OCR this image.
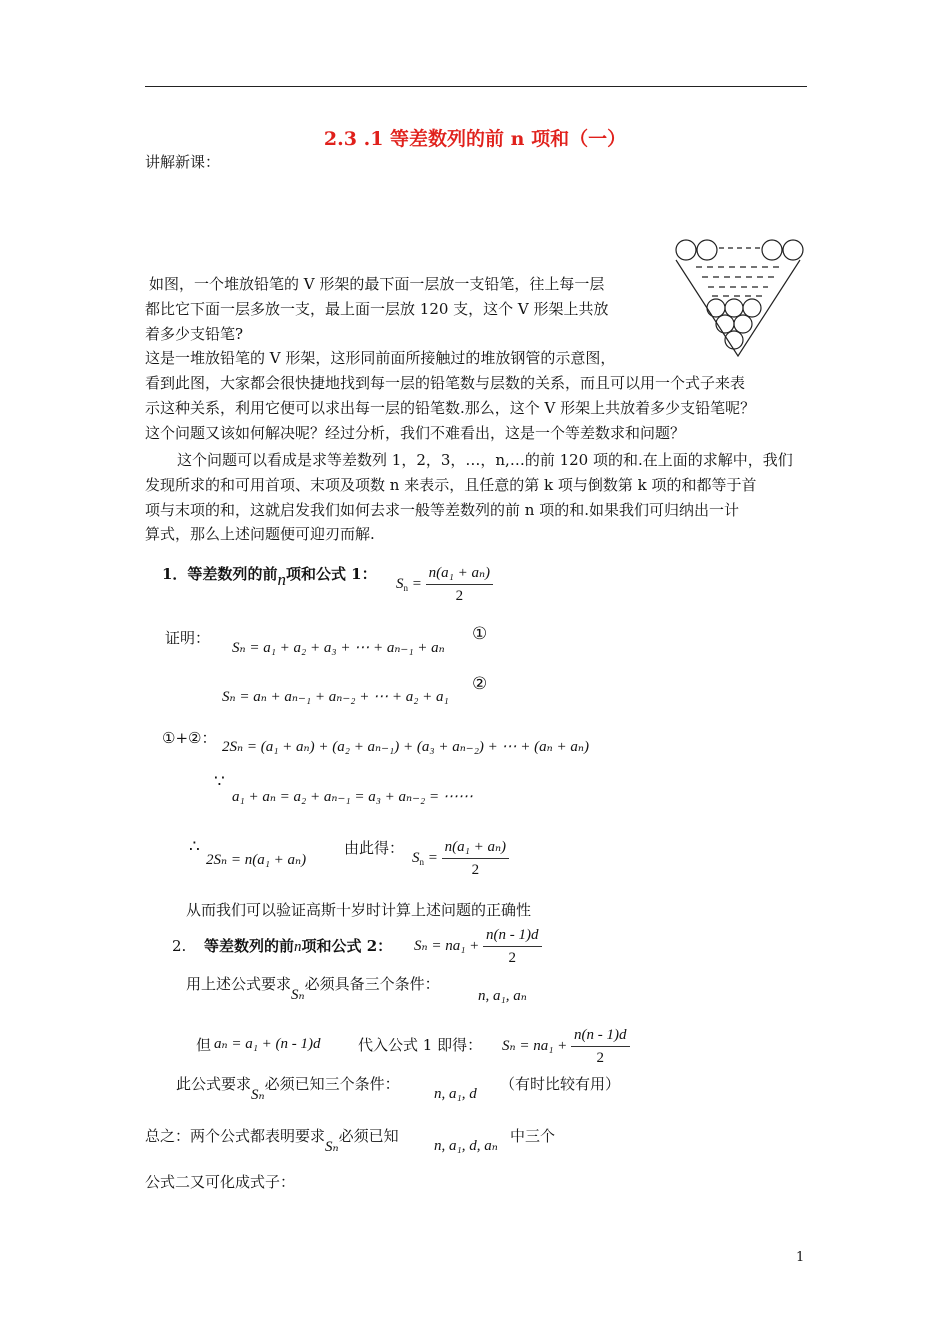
2.3 .1 等差数列的前 n 项和（一）
讲解新课：
如图，一个堆放铅笔的 V 形架的最下面一层放一支铅笔，往上每一层
都比它下面一层多放一支，最上面一层放 120 支，这个 V 形架上共放
着多少支铅笔?
这是一堆放铅笔的 V 形架，这形同前面所接触过的堆放钢管的示意图，
看到此图，大家都会很快捷地找到每一层的铅笔数与层数的关系，而且可以用一个式子来表
示这种关系，利用它便可以求出每一层的铅笔数.那么，这个 V 形架上共放着多少支铅笔呢？
这个问题又该如何解决呢？经过分析，我们不难看出，这是一个等差数求和问题？
这个问题可以看成是求等差数列 1，2，3，…，n,…的前 120 项的和.在上面的求解中，我们
发现所求的和可用首项、末项及项数 n 来表示，且任意的第 k 项与倒数第 k 项的和都等于首
项与末项的和，这就启发我们如何去求一般等差数列的前 n 项的和.如果我们可归纳出一计
算式，那么上述问题便可迎刃而解.
1．等差数列的前n项和公式 1：
$S_n = \frac{\text{n(a₁ + aₙ)}}{2}$
证明：
Sₙ = a₁ + a₂ + a₃ + ⋯ + aₙ₋₁ + aₙ
①
Sₙ = aₙ + aₙ₋₁ + aₙ₋₂ + ⋯ + a₂ + a₁
②
①+②： 2Sₙ = (a₁ + aₙ) + (a₂ + aₙ₋₁) + (a₃ + aₙ₋₂) + ⋯ + (aₙ + aₙ)
∵
a₁ + aₙ = a₂ + aₙ₋₁ = a₃ + aₙ₋₂ = ⋯⋯
∴
2Sₙ = n(a₁ + aₙ)
由此得：
$S_n = \frac{\text{n(a₁ + aₙ)}}{2}$
从而我们可以验证高斯十岁时计算上述问题的正确性
2. 等差数列的前n项和公式 2： $S_n = na_1 + \frac{n(n - 1)d}{2}$
用上述公式要求Sₙ必须具备三个条件：
n, a₁, aₙ
但 aₙ = a₁ + (n - 1)d 代入公式 1 即得： $S_n = na_1 + \frac{n(n - 1)d}{2}$
此公式要求Sₙ必须已知三个条件：
n, a₁, d
（有时比较有用）
总之：两个公式都表明要求Sₙ必须已知
n, a₁, d, aₙ
中三个
公式二又可化成式子：
1
